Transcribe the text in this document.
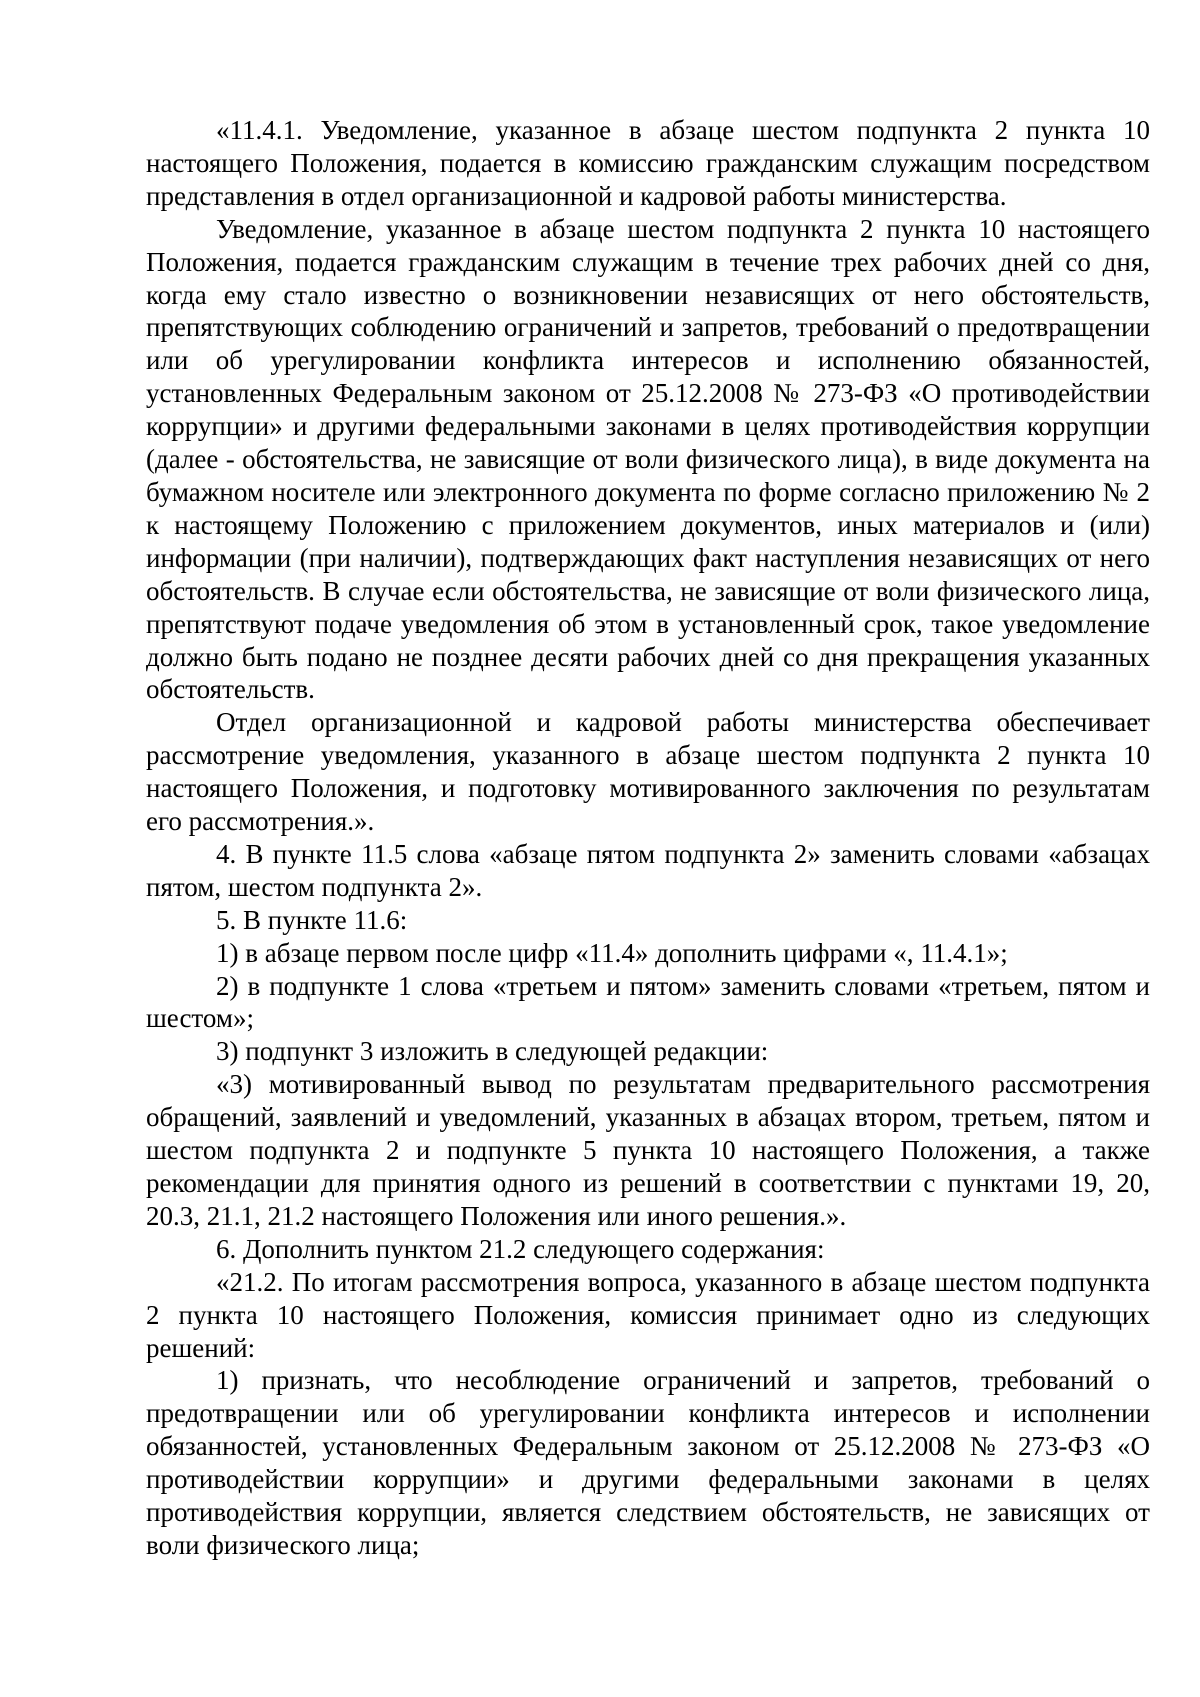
«11.4.1. Уведомление, указанное в абзаце шестом подпункта 2 пункта 10 настоящего Положения, подается в комиссию гражданским служащим посредством представления в отдел организационной и кадровой работы министерства.

Уведомление, указанное в абзаце шестом подпункта 2 пункта 10 настоящего Положения, подается гражданским служащим в течение трех рабочих дней со дня, когда ему стало известно о возникновении независящих от него обстоятельств, препятствующих соблюдению ограничений и запретов, требований о предотвращении или об урегулировании конфликта интересов и исполнению обязанностей, установленных Федеральным законом от 25.12.2008 № 273-ФЗ «О противодействии коррупции» и другими федеральными законами в целях противодействия коррупции (далее - обстоятельства, не зависящие от воли физического лица), в виде документа на бумажном носителе или электронного документа по форме согласно приложению № 2 к настоящему Положению с приложением документов, иных материалов и (или) информации (при наличии), подтверждающих факт наступления независящих от него обстоятельств. В случае если обстоятельства, не зависящие от воли физического лица, препятствуют подаче уведомления об этом в установленный срок, такое уведомление должно быть подано не позднее десяти рабочих дней со дня прекращения указанных обстоятельств.

Отдел организационной и кадровой работы министерства обеспечивает рассмотрение уведомления, указанного в абзаце шестом подпункта 2 пункта 10 настоящего Положения, и подготовку мотивированного заключения по результатам его рассмотрения.».

4. В пункте 11.5 слова «абзаце пятом подпункта 2» заменить словами «абзацах пятом, шестом подпункта 2».

5. В пункте 11.6:

1) в абзаце первом после цифр «11.4» дополнить цифрами «, 11.4.1»;

2) в подпункте 1 слова «третьем и пятом» заменить словами «третьем, пятом и шестом»;

3) подпункт 3 изложить в следующей редакции:

«3) мотивированный вывод по результатам предварительного рассмотрения обращений, заявлений и уведомлений, указанных в абзацах втором, третьем, пятом и шестом подпункта 2 и подпункте 5 пункта 10 настоящего Положения, а также рекомендации для принятия одного из решений в соответствии с пунктами 19, 20, 20.3, 21.1, 21.2 настоящего Положения или иного решения.».

6. Дополнить пунктом 21.2 следующего содержания:

«21.2. По итогам рассмотрения вопроса, указанного в абзаце шестом подпункта 2 пункта 10 настоящего Положения, комиссия принимает одно из следующих решений:

1) признать, что несоблюдение ограничений и запретов, требований о предотвращении или об урегулировании конфликта интересов и исполнении обязанностей, установленных Федеральным законом от 25.12.2008 № 273-ФЗ «О противодействии коррупции» и другими федеральными законами в целях противодействия коррупции, является следствием обстоятельств, не зависящих от воли физического лица;
